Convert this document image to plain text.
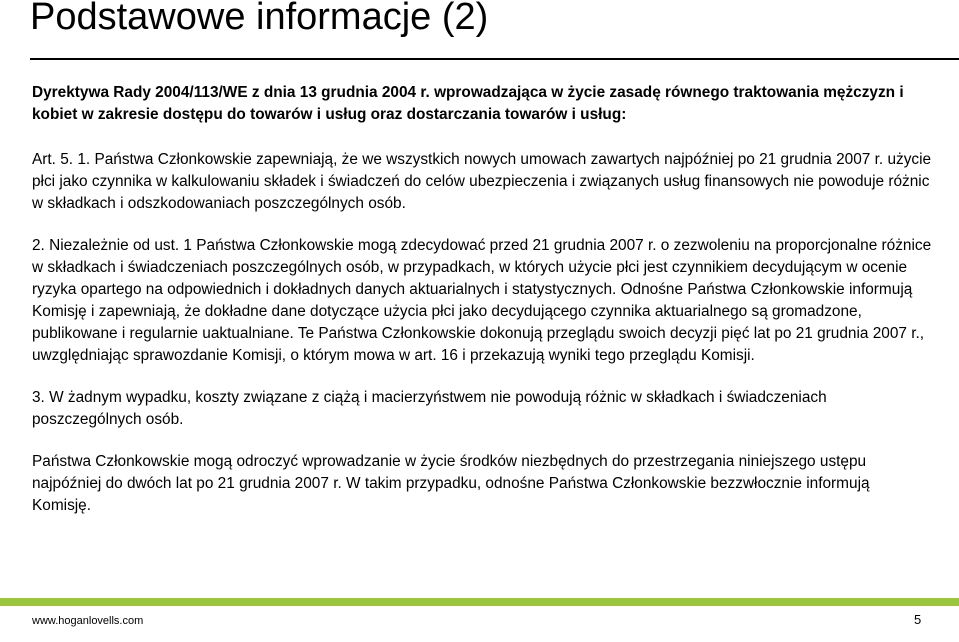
Podstawowe informacje (2)

Dyrektywa Rady 2004/113/WE z dnia 13 grudnia 2004 r. wprowadzająca w życie zasadę równego traktowania mężczyzn i kobiet w zakresie dostępu do towarów i usług oraz dostarczania towarów i usług:

Art. 5. 1. Państwa Członkowskie zapewniają, że we wszystkich nowych umowach zawartych najpóźniej po 21 grudnia 2007 r. użycie płci jako czynnika w kalkulowaniu składek i świadczeń do celów ubezpieczenia i związanych usług finansowych nie powoduje różnic w składkach i odszkodowaniach poszczególnych osób.

2. Niezależnie od ust. 1 Państwa Członkowskie mogą zdecydować przed 21 grudnia 2007 r. o zezwoleniu na proporcjonalne różnice w składkach i świadczeniach poszczególnych osób, w przypadkach, w których użycie płci jest czynnikiem decydującym w ocenie ryzyka opartego na odpowiednich i dokładnych danych aktuarialnych i statystycznych. Odnośne Państwa Członkowskie informują Komisję i zapewniają, że dokładne dane dotyczące użycia płci jako decydującego czynnika aktuarialnego są gromadzone, publikowane i regularnie uaktualniane. Te Państwa Członkowskie dokonują przeglądu swoich decyzji pięć lat po 21 grudnia 2007 r., uwzględniając sprawozdanie Komisji, o którym mowa w art. 16 i przekazują wyniki tego przeglądu Komisji.

3. W żadnym wypadku, koszty związane z ciążą i macierzyństwem nie powodują różnic w składkach i świadczeniach poszczególnych osób.

Państwa Członkowskie mogą odroczyć wprowadzanie w życie środków niezbędnych do przestrzegania niniejszego ustępu najpóźniej do dwóch lat po 21 grudnia 2007 r. W takim przypadku, odnośne Państwa Członkowskie bezzwłocznie informują Komisję.

www.hoganlovells.com	5
